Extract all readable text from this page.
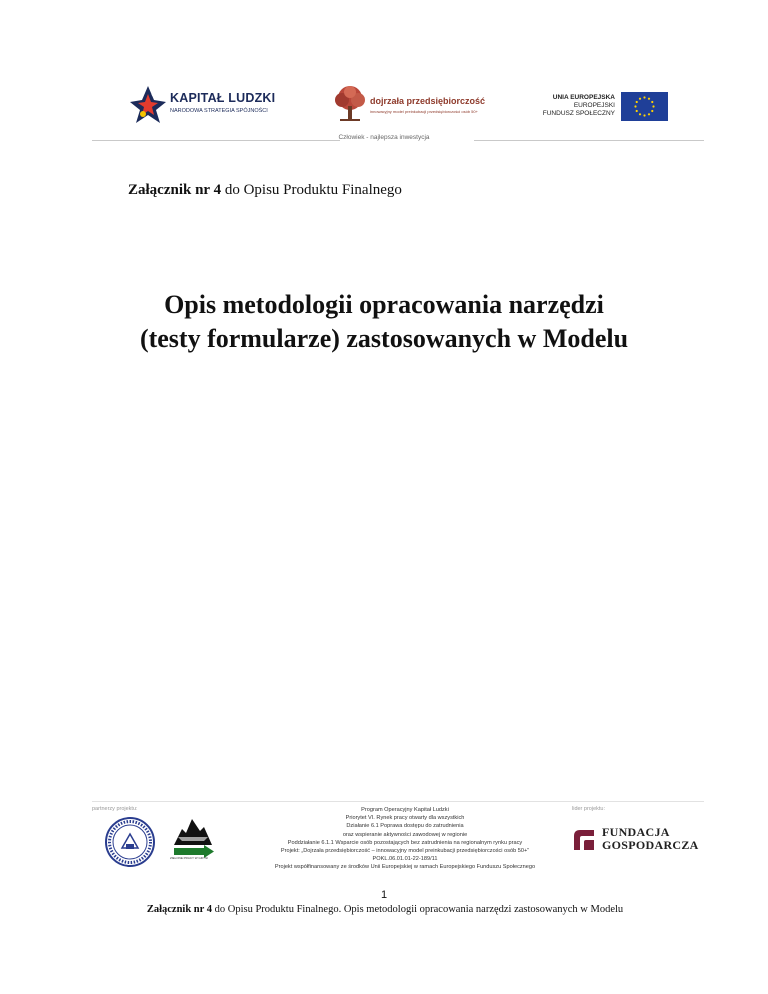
KAPITAŁ LUDZKI
NARODOWA STRATEGIA SPÓJNOŚCI
dojrzała przedsiębiorczość
innowacyjny model preinkubacji przedsiębiorczości osób 50+
UNIA EUROPEJSKA
EUROPEJSKI
FUNDUSZ SPOŁECZNY
Człowiek - najlepsza inwestycja
Załącznik nr 4 do Opisu Produktu Finalnego
Opis metodologii opracowania narzędzi
(testy formularze) zastosowanych w Modelu
partnerzy projektu:	lider projektu:
ZIELONE PRACY W GDYNI
Program Operacyjny Kapitał Ludzki
Priorytet VI. Rynek pracy otwarty dla wszystkich
Działanie 6.1 Poprawa dostępu do zatrudnienia
oraz wspieranie aktywności zawodowej w regionie
Poddziałanie 6.1.1 Wsparcie osób pozostających bez zatrudnienia na regionalnym rynku pracy
Projekt: „Dojrzała przedsiębiorczość – innowacyjny model preinkubacji przedsiębiorczości osób 50+”
POKL.06.01.01-22-189/11
Projekt współfinansowany ze środków Unii Europejskiej w ramach Europejskiego Funduszu Społecznego
FUNDACJA
GOSPODARCZA
1
Załącznik nr 4 do Opisu Produktu Finalnego. Opis metodologii opracowania narzędzi zastosowanych w Modelu
